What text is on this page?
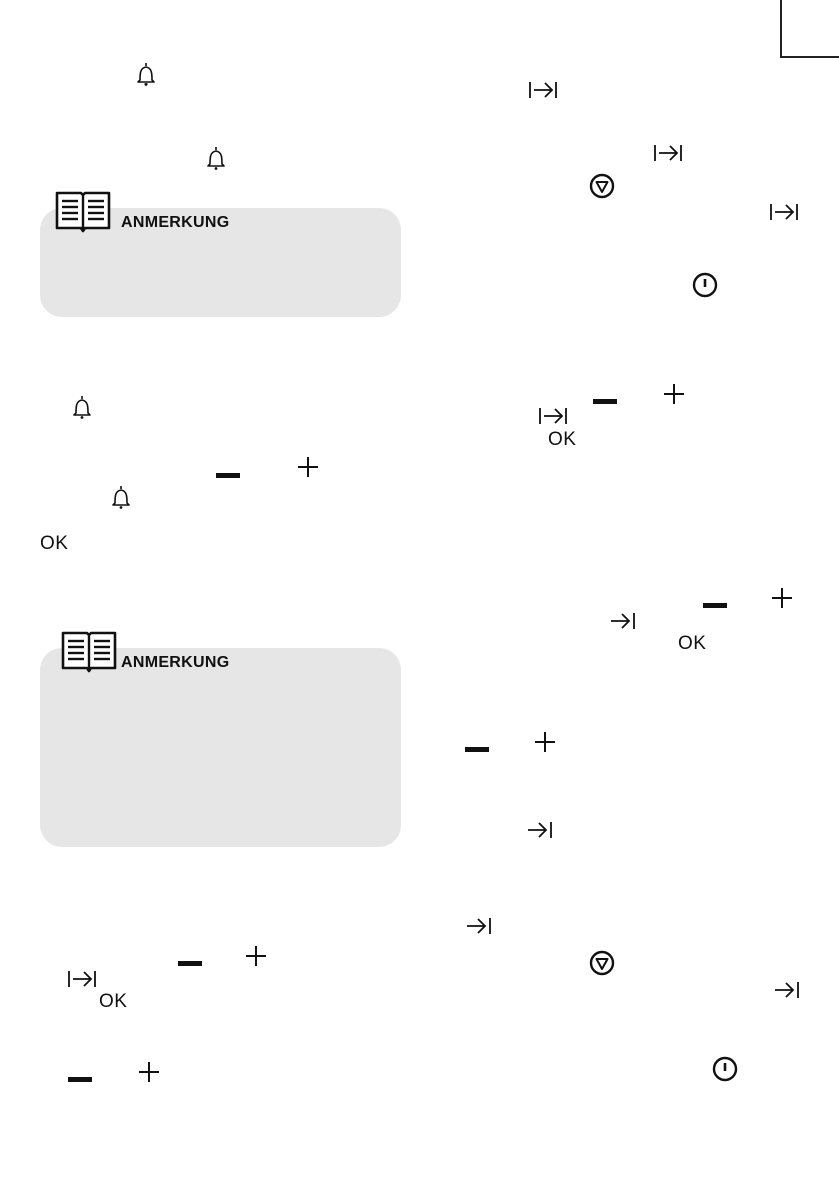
ANMERKUNG
OK
ANMERKUNG
OK
OK
OK
